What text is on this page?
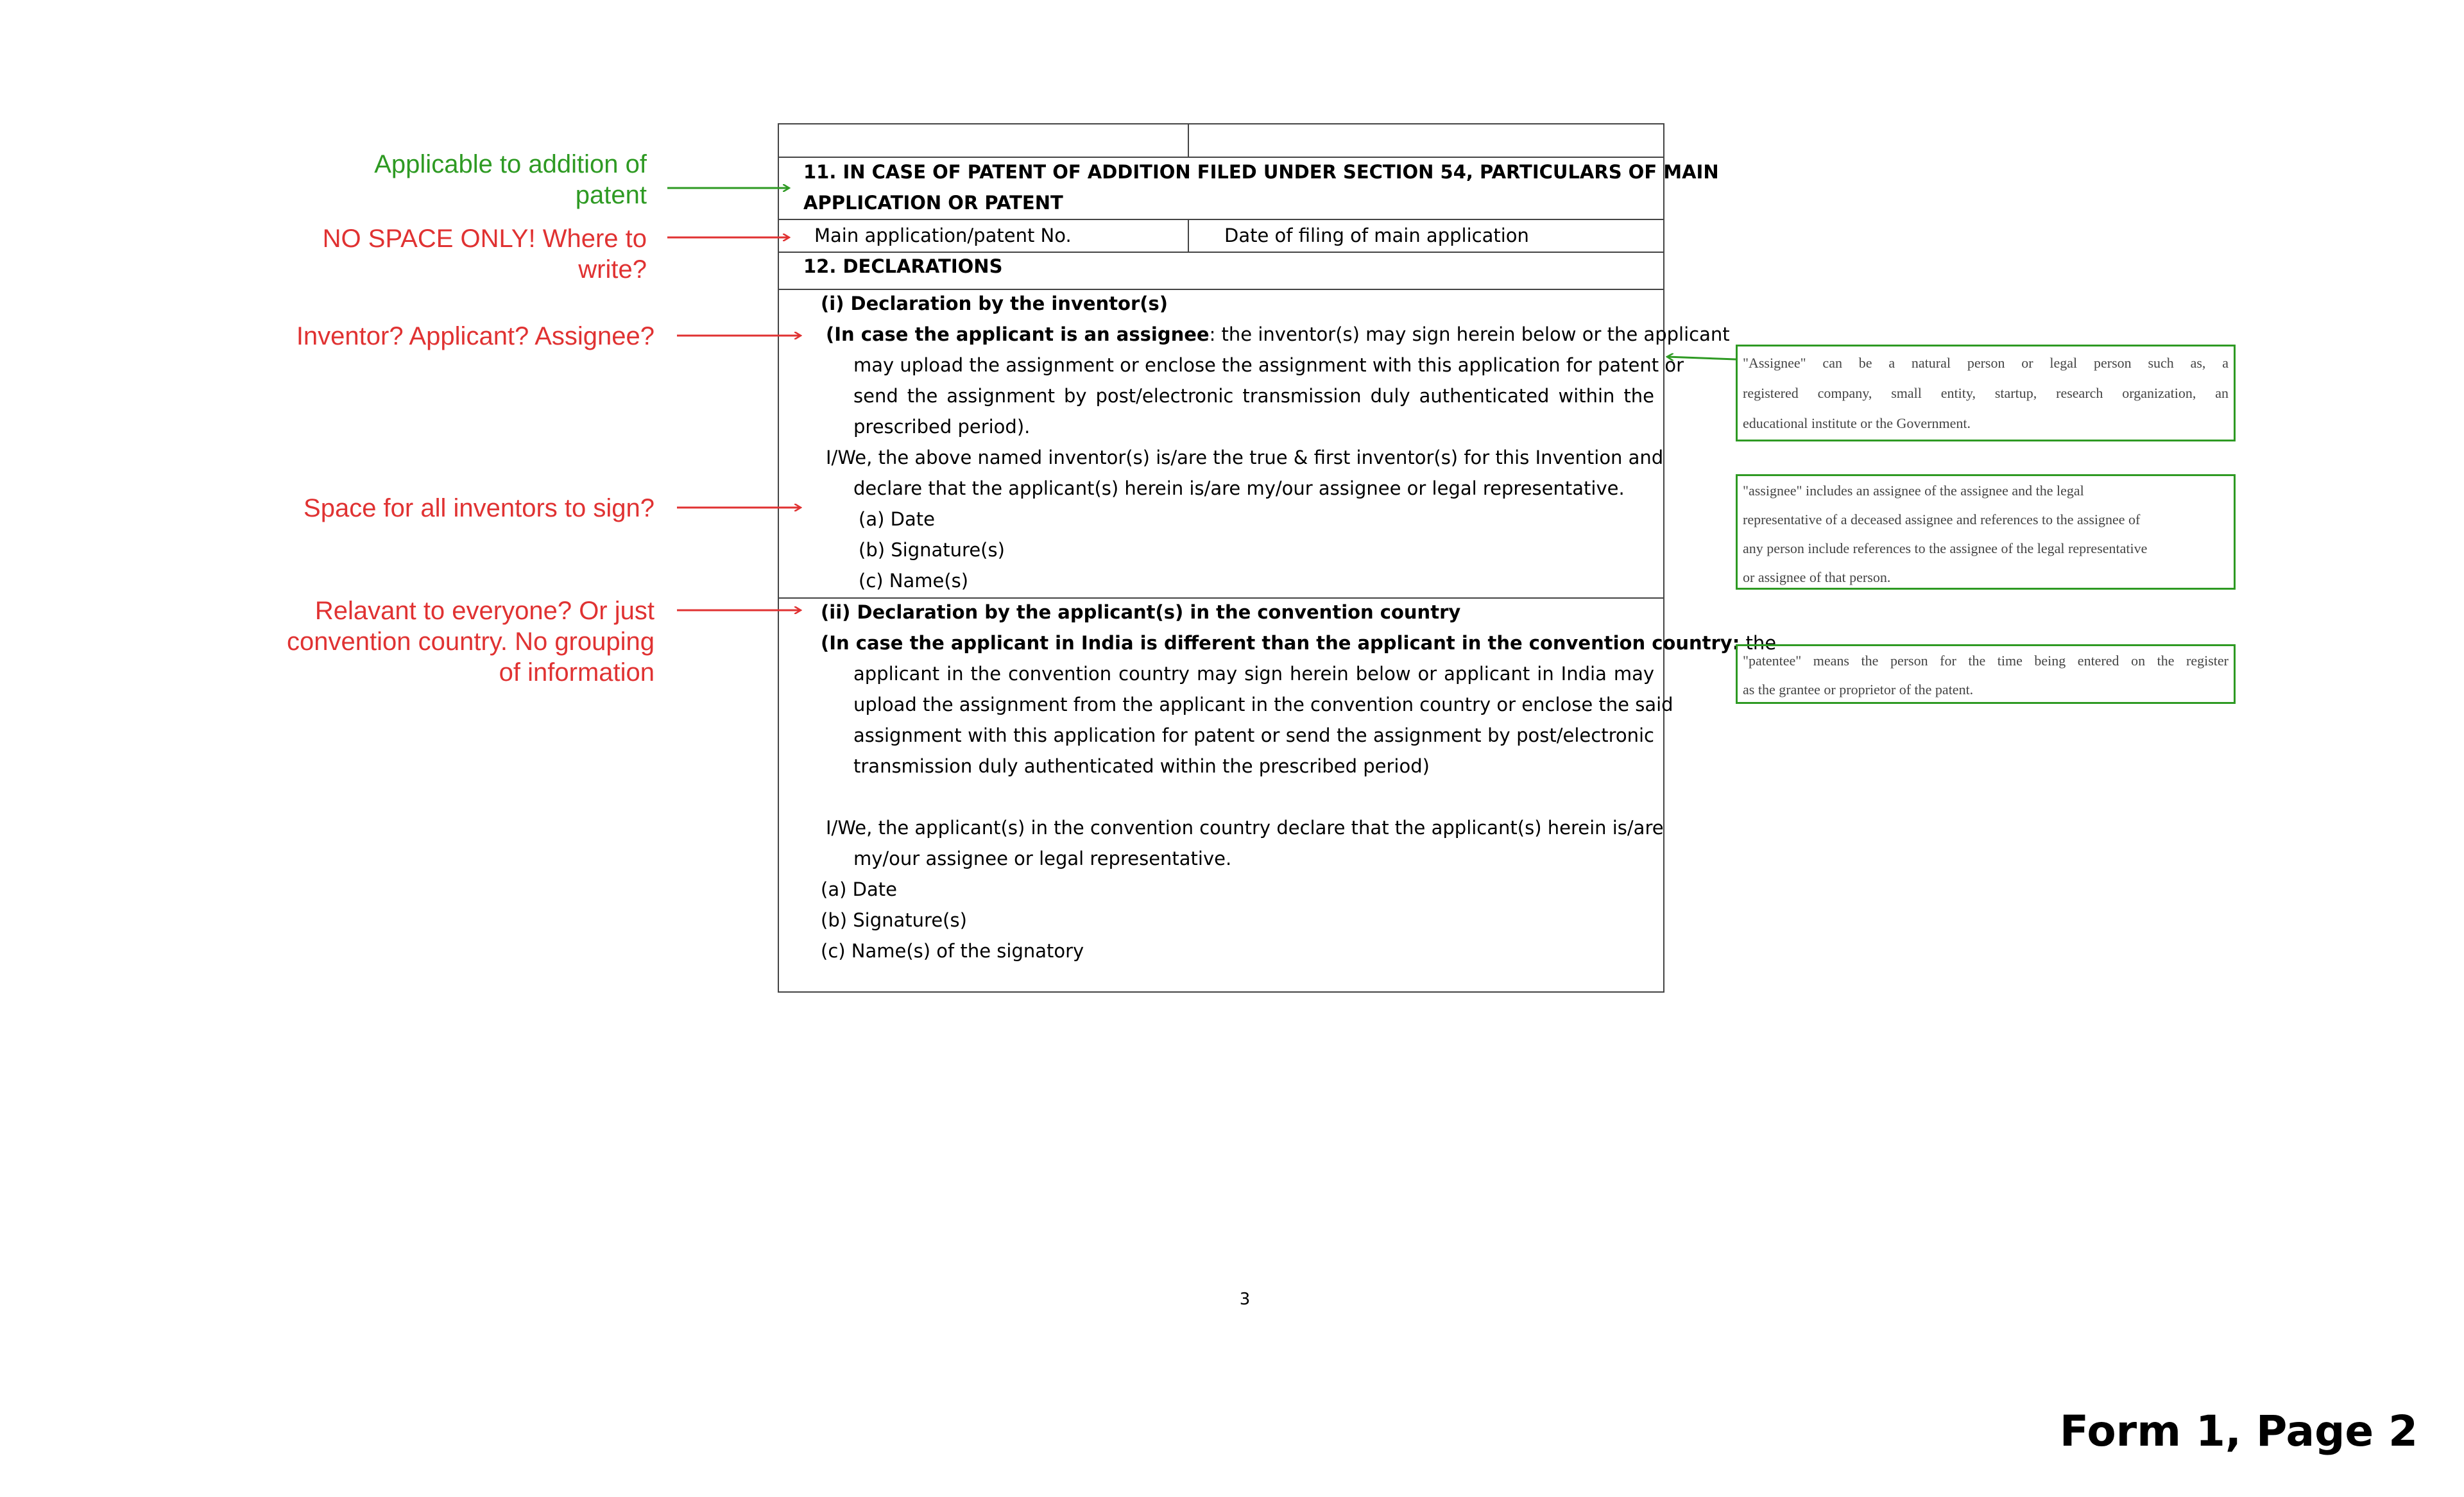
11. IN CASE OF PATENT OF ADDITION FILED UNDER SECTION 54, PARTICULARS OF MAIN
APPLICATION OR PATENT
Main application/patent No.	Date of filing of main application
12. DECLARATIONS
(i) Declaration by the inventor(s)
(In case the applicant is an assignee: the inventor(s) may sign herein below or the applicant
may upload the assignment or enclose the assignment with this application for patent or
send the assignment by post/electronic transmission duly authenticated within the
prescribed period).
I/We, the above named inventor(s) is/are the true & first inventor(s) for this Invention and
declare that the applicant(s) herein is/are my/our assignee or legal representative.
(a) Date
(b) Signature(s)
(c) Name(s)
(ii) Declaration by the applicant(s) in the convention country
(In case the applicant in India is different than the applicant in the convention country: the
applicant in the convention country may sign herein below or applicant in India may
upload the assignment from the applicant in the convention country or enclose the said
assignment with this application for patent or send the assignment by post/electronic
transmission duly authenticated within the prescribed period)
I/We, the applicant(s) in the convention country declare that the applicant(s) herein is/are
my/our assignee or legal representative.
(a) Date
(b) Signature(s)
(c) Name(s) of the signatory
Applicable to addition of
patent
NO SPACE ONLY! Where to
write?
Inventor? Applicant? Assignee?
Space for all inventors to sign?
Relavant to everyone? Or just
convention country. No grouping
of information
"Assignee" can be a natural person or legal person such as, a
registered company, small entity, startup, research organization, an
educational institute or the Government.
"assignee" includes an assignee of the assignee and the legal
representative of a deceased assignee and references to the assignee of
any person include references to the assignee of the legal representative
or assignee of that person.
"patentee" means the person for the time being entered on the register
as the grantee or proprietor of the patent.
3
Form 1, Page 2
